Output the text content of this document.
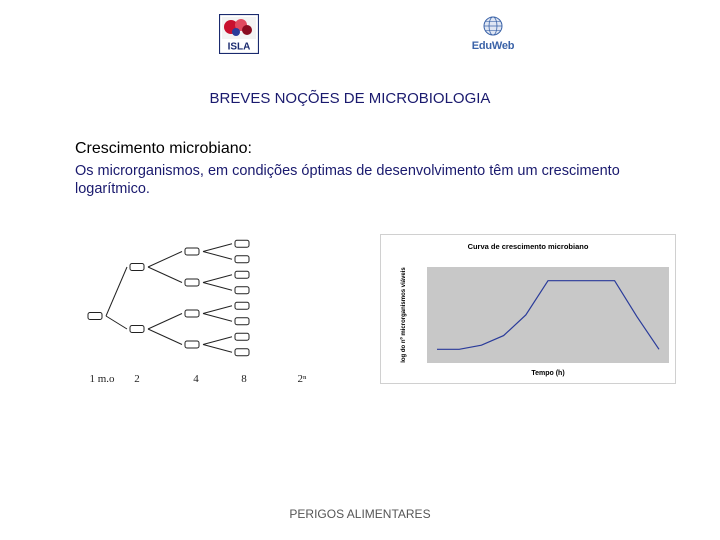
ISLA	EduWeb
BREVES NOÇÕES DE MICROBIOLOGIA
Crescimento microbiano:
Os microrganismos, em condições óptimas de desenvolvimento têm um crescimento logarítmico.
1 m.o 2	4	8	2ⁿ
Curva de crescimento microbiano
log do nº microrganismos viáveis
Tempo (h)
PERIGOS ALIMENTARES
